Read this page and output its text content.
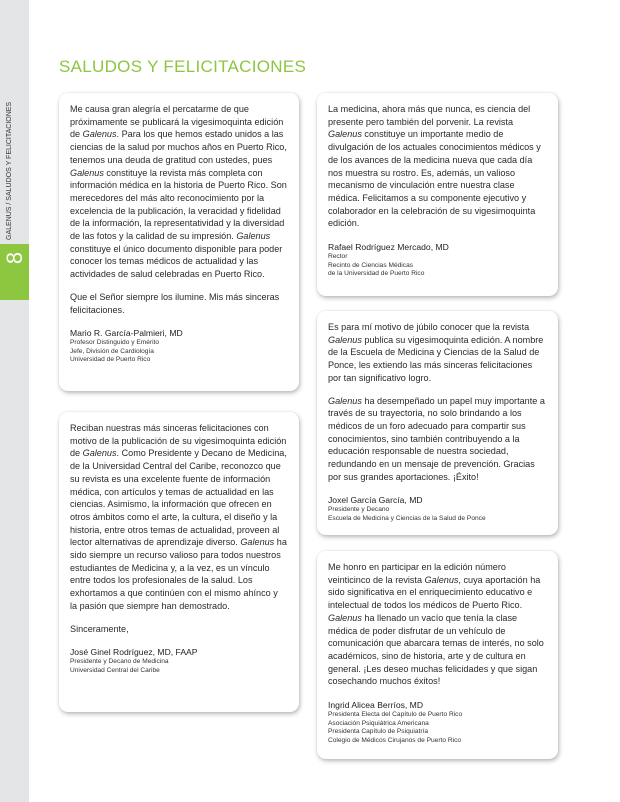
8
GALENUS / SALUDOS Y FELICITACIONES
SALUDOS Y FELICITACIONES

Me causa gran alegría el percatarme de que próximamente se publicará la vigesimoquinta edición de Galenus. Para los que hemos estado unidos a las ciencias de la salud por muchos años en Puerto Rico, tenemos una deuda de gratitud con ustedes, pues Galenus constituye la revista más completa con información médica en la historia de Puerto Rico. Son merecedores del más alto reconocimiento por la excelencia de la publicación, la veracidad y fidelidad de la información, la representatividad y la diversidad de las fotos y la calidad de su impresión. Galenus constituye el único documento disponible para poder conocer los temas médicos de actualidad y las actividades de salud celebradas en Puerto Rico.

Que el Señor siempre los ilumine. Mis más sinceras felicitaciones.

Mario R. García-Palmieri, MD
Profesor Distinguido y Emérito
Jefe, División de Cardiología
Universidad de Puerto Rico

Reciban nuestras más sinceras felicitaciones con motivo de la publicación de su vigesimoquinta edición de Galenus. Como Presidente y Decano de Medicina, de la Universidad Central del Caribe, reconozco que su revista es una excelente fuente de información médica, con artículos y temas de actualidad en las ciencias. Asimismo, la información que ofrecen en otros ámbitos como el arte, la cultura, el diseño y la historia, entre otros temas de actualidad, proveen al lector alternativas de aprendizaje diverso. Galenus ha sido siempre un recurso valioso para todos nuestros estudiantes de Medicina y, a la vez, es un vínculo entre todos los profesionales de la salud. Los exhortamos a que continúen con el mismo ahínco y la pasión que siempre han demostrado.

Sinceramente,

José Ginel Rodríguez, MD, FAAP
Presidente y Decano de Medicina
Universidad Central del Caribe

La medicina, ahora más que nunca, es ciencia del presente pero también del porvenir. La revista Galenus constituye un importante medio de divulgación de los actuales conocimientos médicos y de los avances de la medicina nueva que cada día nos muestra su rostro. Es, además, un valioso mecanismo de vinculación entre nuestra clase médica. Felicitamos a su componente ejecutivo y colaborador en la celebración de su vigesimoquinta edición.

Rafael Rodríguez Mercado, MD
Rector
Recinto de Ciencias Médicas
de la Universidad de Puerto Rico

Es para mí motivo de júbilo conocer que la revista Galenus publica su vigesimoquinta edición. A nombre de la Escuela de Medicina y Ciencias de la Salud de Ponce, les extiendo las más sinceras felicitaciones por tan significativo logro.

Galenus ha desempeñado un papel muy importante a través de su trayectoria, no solo brindando a los médicos de un foro adecuado para compartir sus conocimientos, sino también contribuyendo a la educación responsable de nuestra sociedad, redundando en un mensaje de prevención. Gracias por sus grandes aportaciones. ¡Éxito!

Joxel García García, MD
Presidente y Decano
Escuela de Medicina y Ciencias de la Salud de Ponce

Me honro en participar en la edición número veinticinco de la revista Galenus, cuya aportación ha sido significativa en el enriquecimiento educativo e intelectual de todos los médicos de Puerto Rico. Galenus ha llenado un vacío que tenía la clase médica de poder disfrutar de un vehículo de comunicación que abarcara temas de interés, no solo académicos, sino de historia, arte y de cultura en general. ¡Les deseo muchas felicidades y que sigan cosechando muchos éxitos!

Ingrid Alicea Berríos, MD
Presidenta Electa del Capítulo de Puerto Rico
Asociación Psiquiátrica Americana
Presidenta Capítulo de Psiquiatría
Colegio de Médicos Cirujanos de Puerto Rico
